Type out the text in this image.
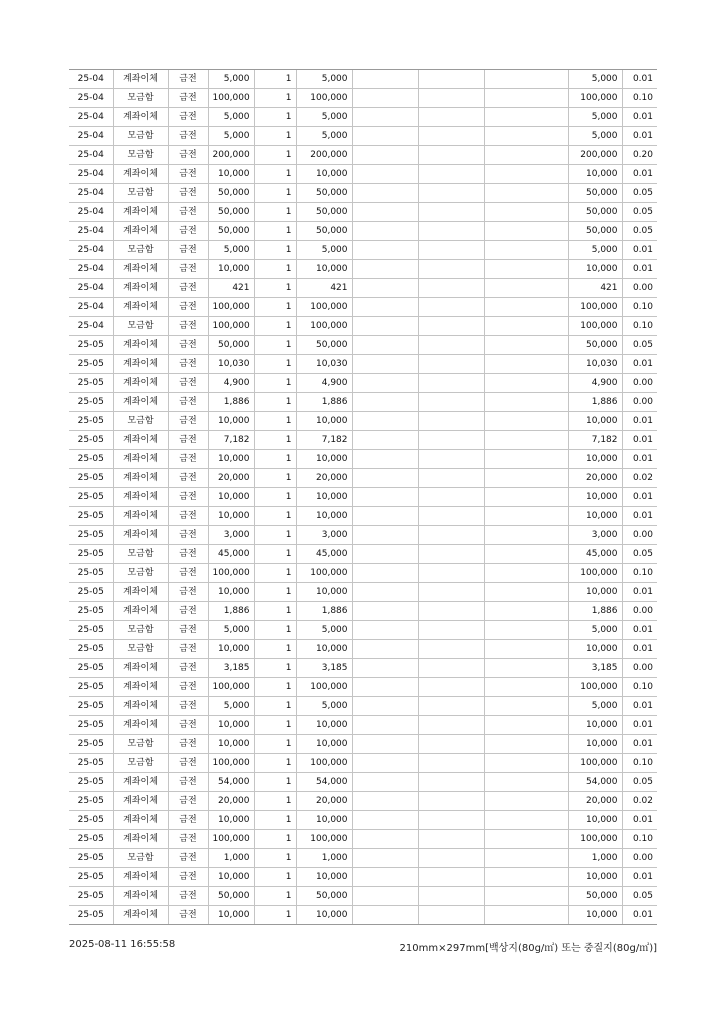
25-04	계좌이체	금전	5,000	1	5,000				5,000	0.01
25-04	모금함	금전	100,000	1	100,000				100,000	0.10
25-04	계좌이체	금전	5,000	1	5,000				5,000	0.01
25-04	모금함	금전	5,000	1	5,000				5,000	0.01
25-04	모금함	금전	200,000	1	200,000				200,000	0.20
25-04	계좌이체	금전	10,000	1	10,000				10,000	0.01
25-04	모금함	금전	50,000	1	50,000				50,000	0.05
25-04	계좌이체	금전	50,000	1	50,000				50,000	0.05
25-04	계좌이체	금전	50,000	1	50,000				50,000	0.05
25-04	모금함	금전	5,000	1	5,000				5,000	0.01
25-04	계좌이체	금전	10,000	1	10,000				10,000	0.01
25-04	계좌이체	금전	421	1	421				421	0.00
25-04	계좌이체	금전	100,000	1	100,000				100,000	0.10
25-04	모금함	금전	100,000	1	100,000				100,000	0.10
25-05	계좌이체	금전	50,000	1	50,000				50,000	0.05
25-05	계좌이체	금전	10,030	1	10,030				10,030	0.01
25-05	계좌이체	금전	4,900	1	4,900				4,900	0.00
25-05	계좌이체	금전	1,886	1	1,886				1,886	0.00
25-05	모금함	금전	10,000	1	10,000				10,000	0.01
25-05	계좌이체	금전	7,182	1	7,182				7,182	0.01
25-05	계좌이체	금전	10,000	1	10,000				10,000	0.01
25-05	계좌이체	금전	20,000	1	20,000				20,000	0.02
25-05	계좌이체	금전	10,000	1	10,000				10,000	0.01
25-05	계좌이체	금전	10,000	1	10,000				10,000	0.01
25-05	계좌이체	금전	3,000	1	3,000				3,000	0.00
25-05	모금함	금전	45,000	1	45,000				45,000	0.05
25-05	모금함	금전	100,000	1	100,000				100,000	0.10
25-05	계좌이체	금전	10,000	1	10,000				10,000	0.01
25-05	계좌이체	금전	1,886	1	1,886				1,886	0.00
25-05	모금함	금전	5,000	1	5,000				5,000	0.01
25-05	모금함	금전	10,000	1	10,000				10,000	0.01
25-05	계좌이체	금전	3,185	1	3,185				3,185	0.00
25-05	계좌이체	금전	100,000	1	100,000				100,000	0.10
25-05	계좌이체	금전	5,000	1	5,000				5,000	0.01
25-05	계좌이체	금전	10,000	1	10,000				10,000	0.01
25-05	모금함	금전	10,000	1	10,000				10,000	0.01
25-05	모금함	금전	100,000	1	100,000				100,000	0.10
25-05	계좌이체	금전	54,000	1	54,000				54,000	0.05
25-05	계좌이체	금전	20,000	1	20,000				20,000	0.02
25-05	계좌이체	금전	10,000	1	10,000				10,000	0.01
25-05	계좌이체	금전	100,000	1	100,000				100,000	0.10
25-05	모금함	금전	1,000	1	1,000				1,000	0.00
25-05	계좌이체	금전	10,000	1	10,000				10,000	0.01
25-05	계좌이체	금전	50,000	1	50,000				50,000	0.05
25-05	계좌이체	금전	10,000	1	10,000				10,000	0.01
2025-08-11 16:55:58	210mm×297mm[백상지(80g/㎡) 또는 중질지(80g/㎡)]
